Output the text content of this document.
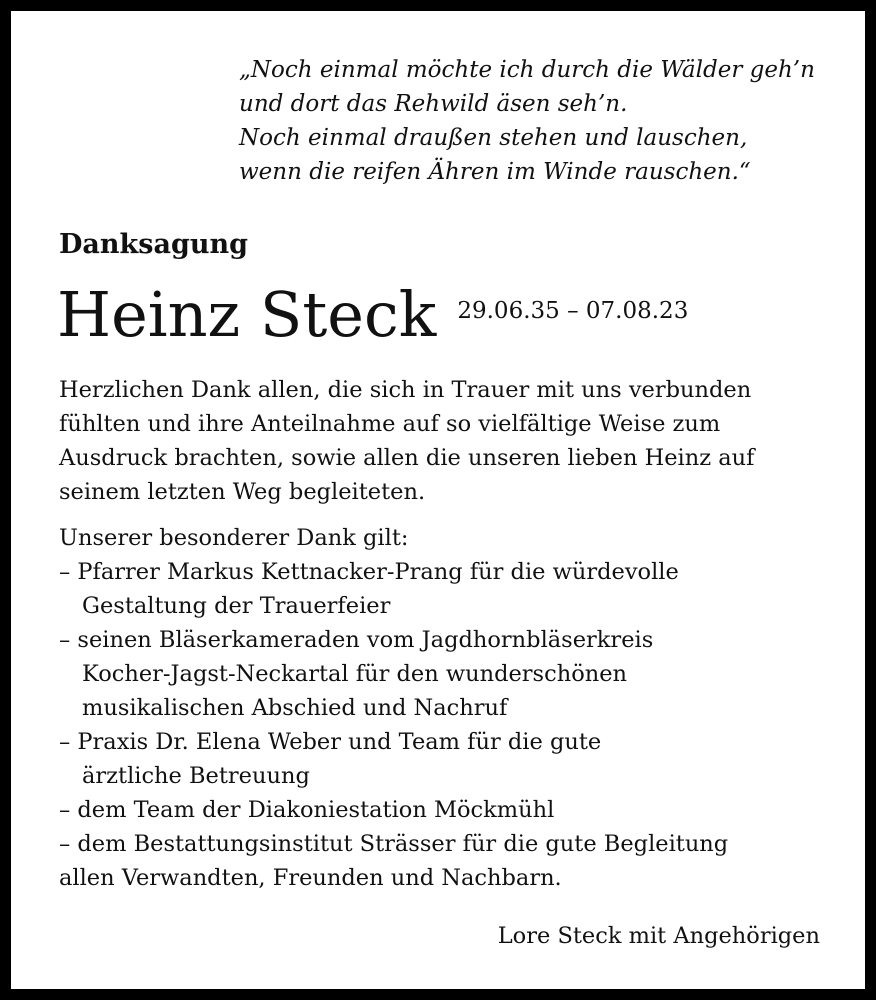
„Noch einmal möchte ich durch die Wälder geh’n
und dort das Rehwild äsen seh’n.
Noch einmal draußen stehen und lauschen,
wenn die reifen Ähren im Winde rauschen.“
Danksagung
Heinz Steck 29.06.35 – 07.08.23
Herzlichen Dank allen, die sich in Trauer mit uns verbunden
fühlten und ihre Anteilnahme auf so vielfältige Weise zum
Ausdruck brachten, sowie allen die unseren lieben Heinz auf
seinem letzten Weg begleiteten.
Unserer besonderer Dank gilt:
– Pfarrer Markus Kettnacker-Prang für die würdevolle
Gestaltung der Trauerfeier
– seinen Bläserkameraden vom Jagdhornbläserkreis
Kocher-Jagst-Neckartal für den wunderschönen
musikalischen Abschied und Nachruf
– Praxis Dr. Elena Weber und Team für die gute
ärztliche Betreuung
– dem Team der Diakoniestation Möckmühl
– dem Bestattungsinstitut Strässer für die gute Begleitung
allen Verwandten, Freunden und Nachbarn.
Lore Steck mit Angehörigen
